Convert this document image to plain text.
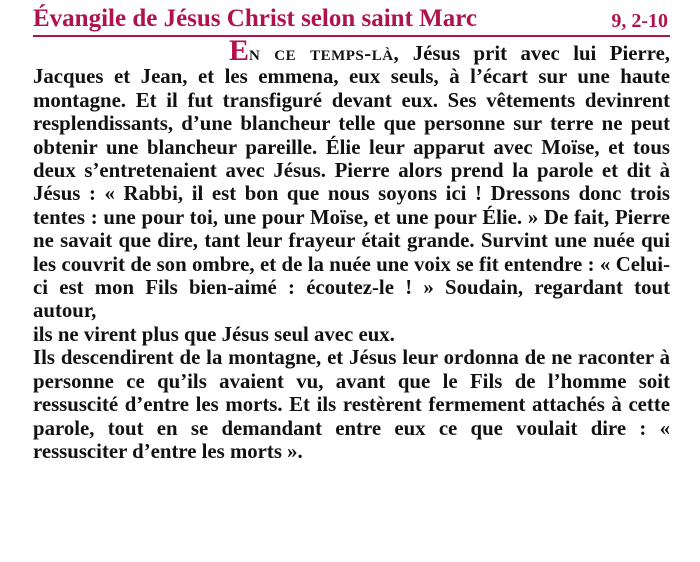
Évangile de Jésus Christ selon saint Marc	9, 2-10

En ce temps-là, Jésus prit avec lui Pierre, Jacques et Jean, et les emmena, eux seuls, à l’écart sur une haute montagne. Et il fut transfiguré devant eux. Ses vêtements devinrent resplendissants, d’une blancheur telle que personne sur terre ne peut obtenir une blancheur pareille. Élie leur apparut avec Moïse, et tous deux s’entretenaient avec Jésus. Pierre alors prend la parole et dit à Jésus : « Rabbi, il est bon que nous soyons ici ! Dressons donc trois tentes : une pour toi, une pour Moïse, et une pour Élie. » De fait, Pierre ne savait que dire, tant leur frayeur était grande. Survint une nuée qui les couvrit de son ombre, et de la nuée une voix se fit entendre : « Celui-ci est mon Fils bien-aimé : écoutez-le ! » Soudain, regardant tout autour,

ils ne virent plus que Jésus seul avec eux.

Ils descendirent de la montagne, et Jésus leur ordonna de ne raconter à personne ce qu’ils avaient vu, avant que le Fils de l’homme soit ressuscité d’entre les morts. Et ils restèrent fermement attachés à cette parole, tout en se demandant entre eux ce que voulait dire : « ressusciter d’entre les morts ».
